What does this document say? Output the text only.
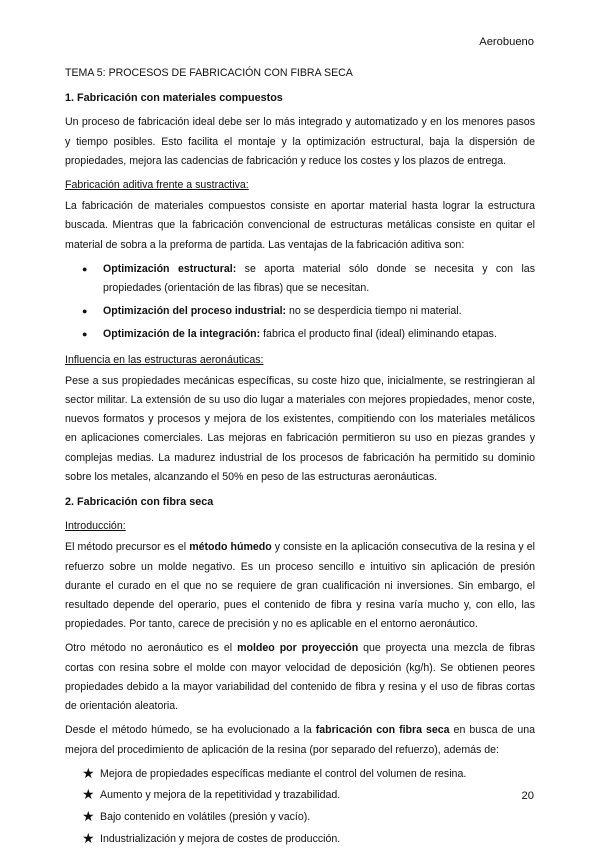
Aerobueno
TEMA 5: PROCESOS DE FABRICACIÓN CON FIBRA SECA
1. Fabricación con materiales compuestos

Un proceso de fabricación ideal debe ser lo más integrado y automatizado y en los menores pasos y tiempo posibles. Esto facilita el montaje y la optimización estructural, baja la dispersión de propiedades, mejora las cadencias de fabricación y reduce los costes y los plazos de entrega.

Fabricación aditiva frente a sustractiva:

La fabricación de materiales compuestos consiste en aportar material hasta lograr la estructura buscada. Mientras que la fabricación convencional de estructuras metálicas consiste en quitar el material de sobra a la preforma de partida. Las ventajas de la fabricación aditiva son:

● Optimización estructural: se aporta material sólo donde se necesita y con las propiedades (orientación de las fibras) que se necesitan.
● Optimización del proceso industrial: no se desperdicia tiempo ni material.
● Optimización de la integración: fabrica el producto final (ideal) eliminando etapas.
Influencia en las estructuras aeronáuticas:

Pese a sus propiedades mecánicas específicas, su coste hizo que, inicialmente, se restringieran al sector militar. La extensión de su uso dio lugar a materiales con mejores propiedades, menor coste, nuevos formatos y procesos y mejora de los existentes, compitiendo con los materiales metálicos en aplicaciones comerciales. Las mejoras en fabricación permitieron su uso en piezas grandes y complejas medias. La madurez industrial de los procesos de fabricación ha permitido su dominio sobre los metales, alcanzando el 50% en peso de las estructuras aeronáuticas.

2. Fabricación con fibra seca
Introducción:

El método precursor es el método húmedo y consiste en la aplicación consecutiva de la resina y el refuerzo sobre un molde negativo. Es un proceso sencillo e intuitivo sin aplicación de presión durante el curado en el que no se requiere de gran cualificación ni inversiones. Sin embargo, el resultado depende del operario, pues el contenido de fibra y resina varía mucho y, con ello, las propiedades. Por tanto, carece de precisión y no es aplicable en el entorno aeronáutico.

Otro método no aeronáutico es el moldeo por proyección que proyecta una mezcla de fibras cortas con resina sobre el molde con mayor velocidad de deposición (kg/h). Se obtienen peores propiedades debido a la mayor variabilidad del contenido de fibra y resina y el uso de fibras cortas de orientación aleatoria.

Desde el método húmedo, se ha evolucionado a la fabricación con fibra seca en busca de una mejora del procedimiento de aplicación de la resina (por separado del refuerzo), además de:

★ Mejora de propiedades específicas mediante el control del volumen de resina.
★ Aumento y mejora de la repetitividad y trazabilidad.
★ Bajo contenido en volátiles (presión y vacío).
★ Industrialización y mejora de costes de producción.
20
